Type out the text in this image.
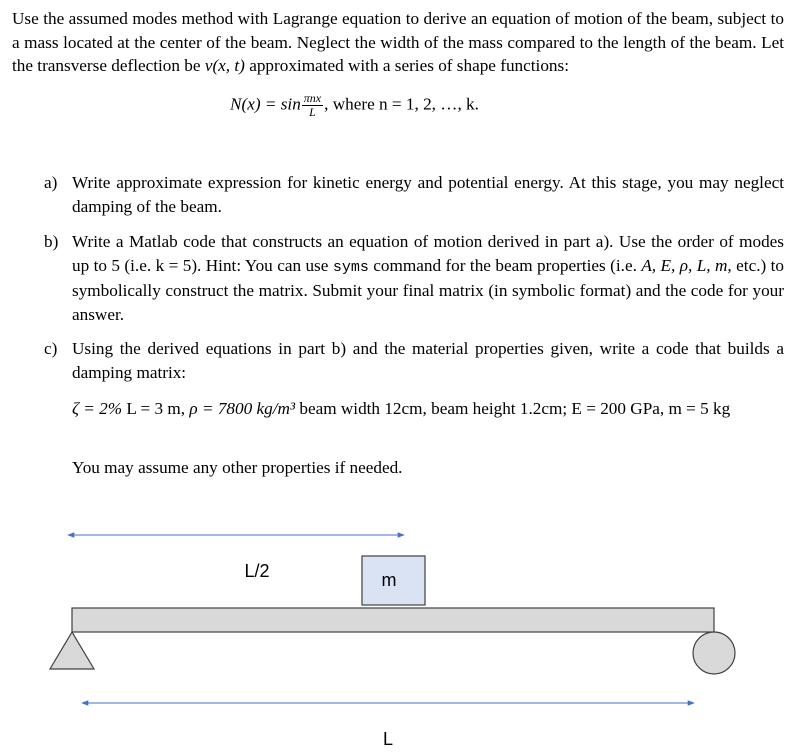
Use the assumed modes method with Lagrange equation to derive an equation of motion of the beam, subject to a mass located at the center of the beam. Neglect the width of the mass compared to the length of the beam. Let the transverse deflection be v(x, t) approximated with a series of shape functions:
$N(x) = \sin \frac{\text{πnx}}{L}$ , where n = 1, 2, …, k.
a) Write approximate expression for kinetic energy and potential energy. At this stage, you may neglect damping of the beam.
b) Write a Matlab code that constructs an equation of motion derived in part a). Use the order of modes up to 5 (i.e. k = 5). Hint: You can use syms command for the beam properties (i.e. A, E, ρ, L, m, etc.) to symbolically construct the matrix. Submit your final matrix (in symbolic format) and the code for your answer.
c) Using the derived equations in part b) and the material properties given, write a code that builds a damping matrix:
ζ = 2% L = 3 m, ρ = 7800 kg/m³ beam width 12cm, beam height 1.2cm; E = 200 GPa, m = 5 kg
You may assume any other properties if needed.
L/2	m
L
